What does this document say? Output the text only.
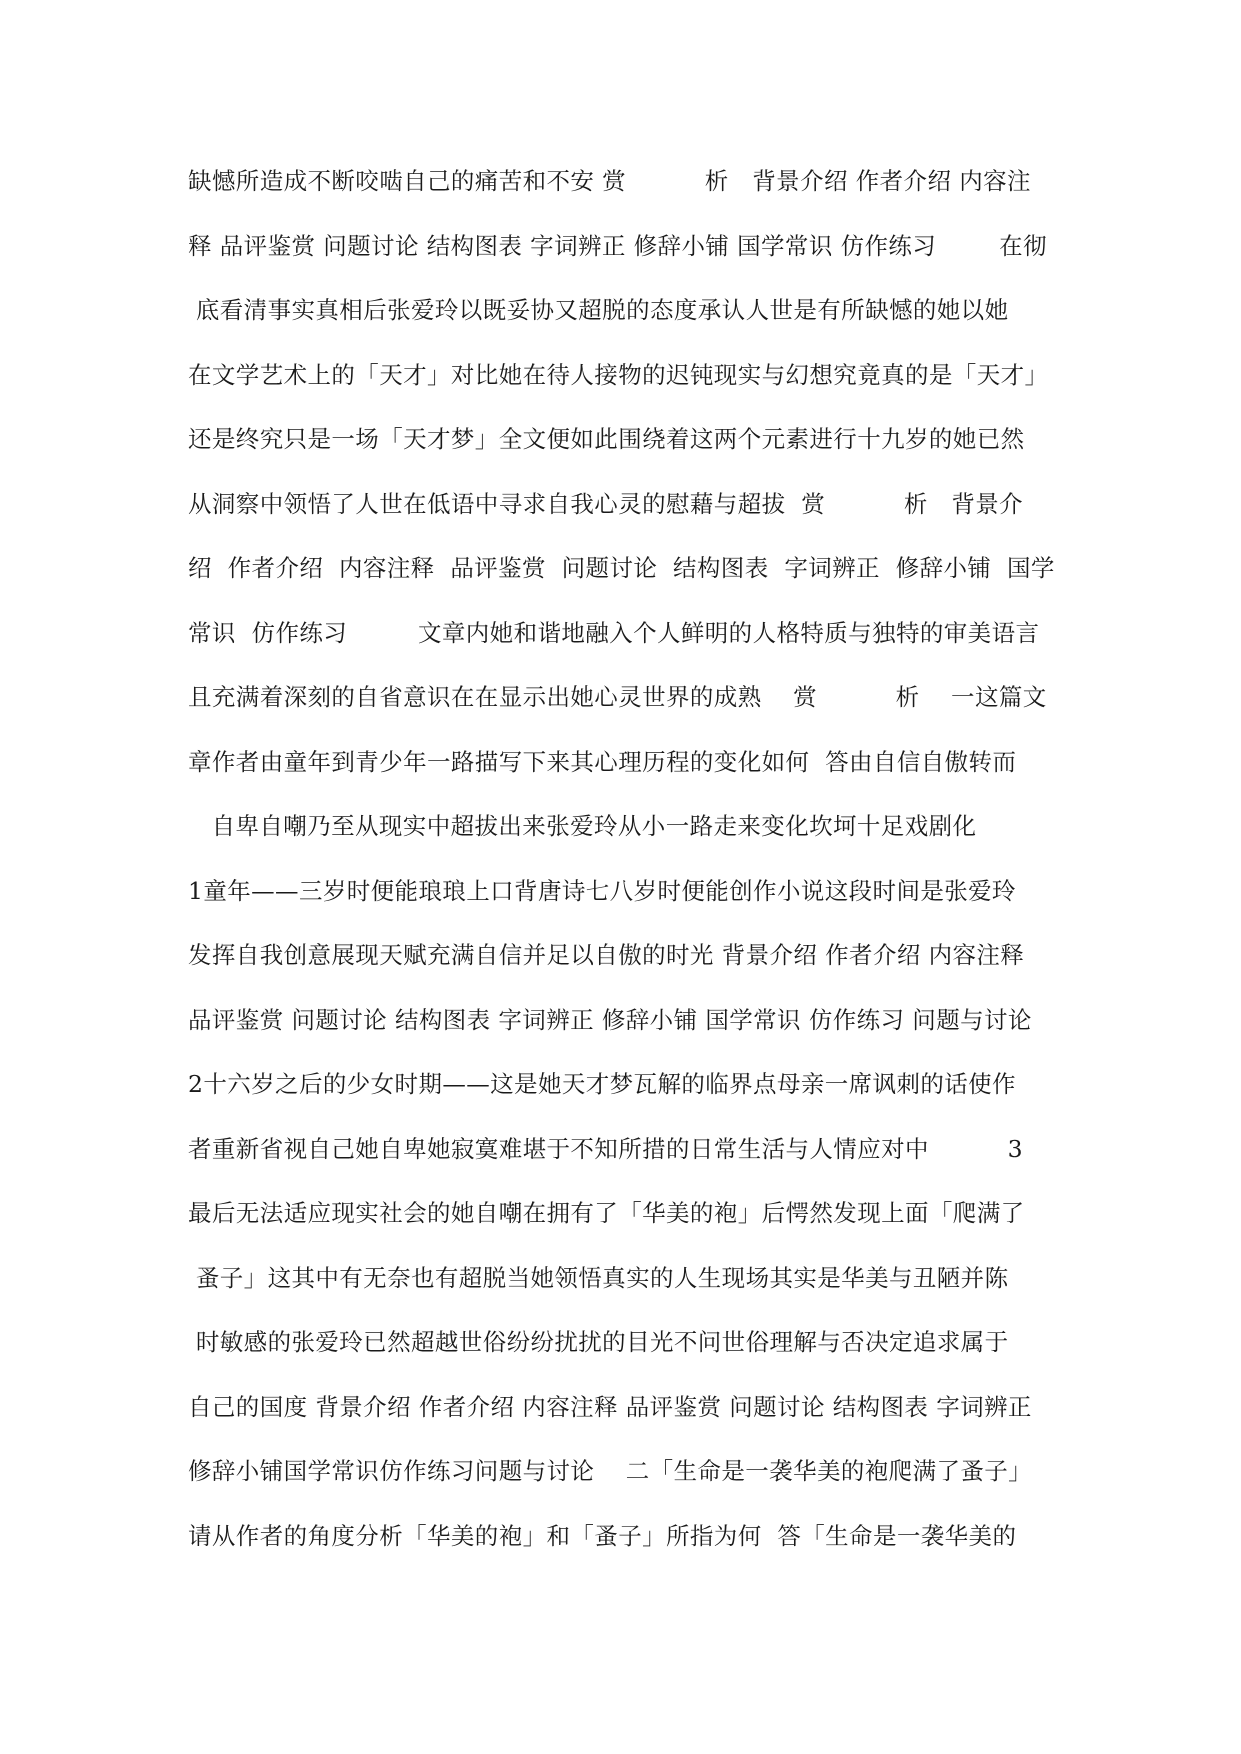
缺憾所造成不断咬啮自己的痛苦和不安 赏          析   背景介绍 作者介绍 内容注
释 品评鉴赏 问题讨论 结构图表 字词辨正 修辞小铺 国学常识 仿作练习        在彻
底看清事实真相后张爱玲以既妥协又超脱的态度承认人世是有所缺憾的她以她
在文学艺术上的「天才」对比她在待人接物的迟钝现实与幻想究竟真的是「天才」
还是终究只是一场「天才梦」全文便如此围绕着这两个元素进行十九岁的她已然
从洞察中领悟了人世在低语中寻求自我心灵的慰藉与超拔  赏          析   背景介
绍  作者介绍  内容注释  品评鉴赏  问题讨论  结构图表  字词辨正  修辞小铺  国学
常识  仿作练习         文章内她和谐地融入个人鲜明的人格特质与独特的审美语言
且充满着深刻的自省意识在在显示出她心灵世界的成熟    赏          析    一这篇文
章作者由童年到青少年一路描写下来其心理历程的变化如何  答由自信自傲转而
自卑自嘲乃至从现实中超拔出来张爱玲从小一路走来变化坎坷十足戏剧化
1童年——三岁时便能琅琅上口背唐诗七八岁时便能创作小说这段时间是张爱玲
发挥自我创意展现天赋充满自信并足以自傲的时光 背景介绍 作者介绍 内容注释
品评鉴赏 问题讨论 结构图表 字词辨正 修辞小铺 国学常识 仿作练习 问题与讨论
2十六岁之后的少女时期——这是她天才梦瓦解的临界点母亲一席讽刺的话使作
者重新省视自己她自卑她寂寞难堪于不知所措的日常生活与人情应对中          3
最后无法适应现实社会的她自嘲在拥有了「华美的袍」后愕然发现上面「爬满了
蚤子」这其中有无奈也有超脱当她领悟真实的人生现场其实是华美与丑陋并陈
时敏感的张爱玲已然超越世俗纷纷扰扰的目光不问世俗理解与否决定追求属于
自己的国度 背景介绍 作者介绍 内容注释 品评鉴赏 问题讨论 结构图表 字词辨正
修辞小铺国学常识仿作练习问题与讨论    二「生命是一袭华美的袍爬满了蚤子」
请从作者的角度分析「华美的袍」和「蚤子」所指为何  答「生命是一袭华美的
